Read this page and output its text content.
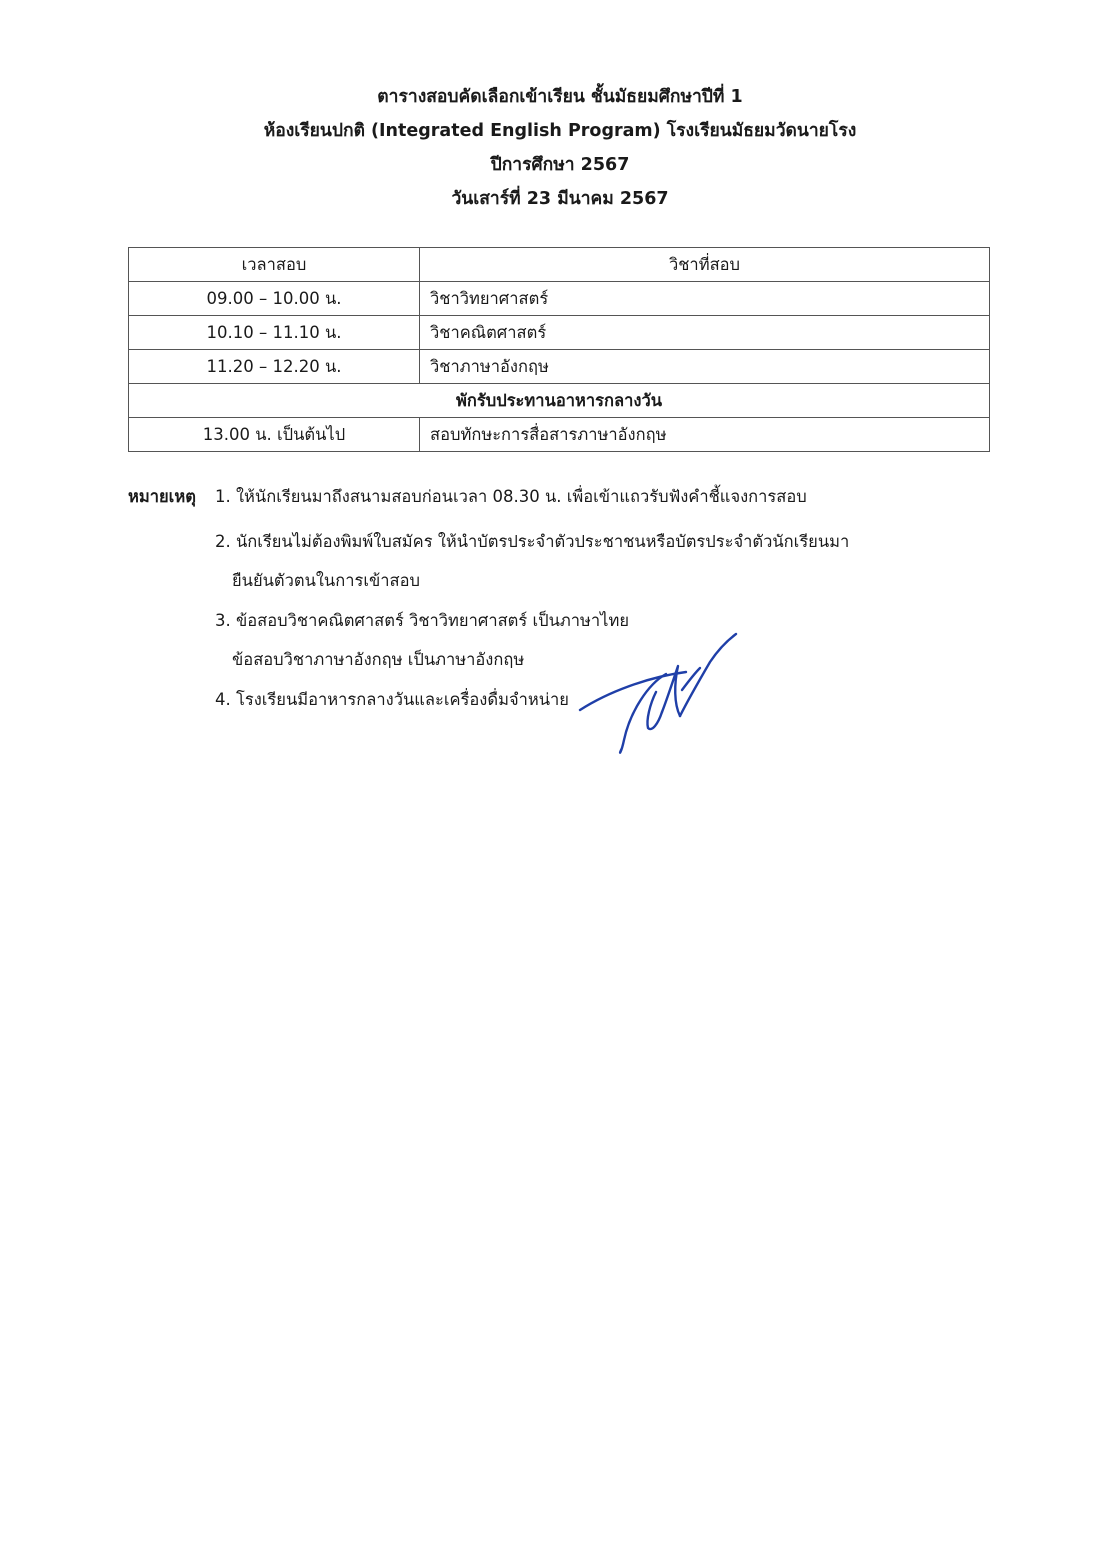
ตารางสอบคัดเลือกเข้าเรียน ชั้นมัธยมศึกษาปีที่ 1
ห้องเรียนปกติ (Integrated English Program) โรงเรียนมัธยมวัดนายโรง
ปีการศึกษา 2567
วันเสาร์ที่ 23 มีนาคม 2567
เวลาสอบ	วิชาที่สอบ
09.00 – 10.00 น.	วิชาวิทยาศาสตร์
10.10 – 11.10 น.	วิชาคณิตศาสตร์
11.20 – 12.20 น.	วิชาภาษาอังกฤษ
พักรับประทานอาหารกลางวัน	
13.00 น. เป็นต้นไป	สอบทักษะการสื่อสารภาษาอังกฤษ
หมายเหตุ 1. ให้นักเรียนมาถึงสนามสอบก่อนเวลา 08.30 น. เพื่อเข้าแถวรับฟังคำชี้แจงการสอบ
2. นักเรียนไม่ต้องพิมพ์ใบสมัคร ให้นำบัตรประจำตัวประชาชนหรือบัตรประจำตัวนักเรียนมา
ยืนยันตัวตนในการเข้าสอบ
3. ข้อสอบวิชาคณิตศาสตร์ วิชาวิทยาศาสตร์ เป็นภาษาไทย
ข้อสอบวิชาภาษาอังกฤษ เป็นภาษาอังกฤษ
4. โรงเรียนมีอาหารกลางวันและเครื่องดื่มจำหน่าย
